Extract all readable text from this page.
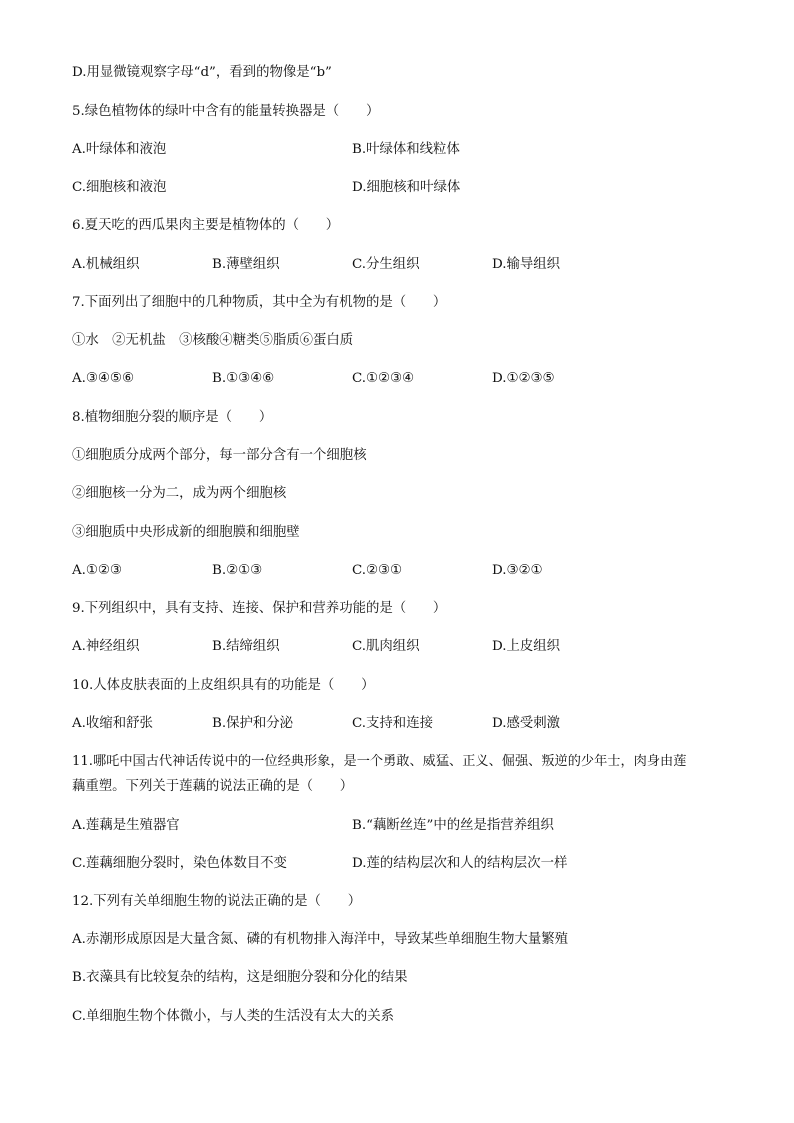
D.用显微镜观察字母“d”，看到的物像是“b”
5.绿色植物体的绿叶中含有的能量转换器是（　　）
A.叶绿体和液泡	B.叶绿体和线粒体
C.细胞核和液泡	D.细胞核和叶绿体
6.夏天吃的西瓜果肉主要是植物体的（　　）
A.机械组织	B.薄壁组织	C.分生组织	D.输导组织
7.下面列出了细胞中的几种物质，其中全为有机物的是（　　）
①水　②无机盐　③核酸④糖类⑤脂质⑥蛋白质
A.③④⑤⑥	B.①③④⑥	C.①②③④	D.①②③⑤
8.植物细胞分裂的顺序是（　　）
①细胞质分成两个部分，每一部分含有一个细胞核
②细胞核一分为二，成为两个细胞核
③细胞质中央形成新的细胞膜和细胞壁
A.①②③	B.②①③	C.②③①	D.③②①
9.下列组织中，具有支持、连接、保护和营养功能的是（　　）
A.神经组织	B.结缔组织	C.肌肉组织	D.上皮组织
10.人体皮肤表面的上皮组织具有的功能是（　　）
A.收缩和舒张	B.保护和分泌	C.支持和连接	D.感受刺激
11.哪吒中国古代神话传说中的一位经典形象，是一个勇敢、威猛、正义、倔强、叛逆的少年士，肉身由莲
藕重塑。下列关于莲藕的说法正确的是（　　）
A.莲藕是生殖器官	B.“藕断丝连”中的丝是指营养组织
C.莲藕细胞分裂时，染色体数目不变	D.莲的结构层次和人的结构层次一样
12.下列有关单细胞生物的说法正确的是（　　）
A.赤潮形成原因是大量含氮、磷的有机物排入海洋中，导致某些单细胞生物大量繁殖
B.衣藻具有比较复杂的结构，这是细胞分裂和分化的结果
C.单细胞生物个体微小，与人类的生活没有太大的关系
